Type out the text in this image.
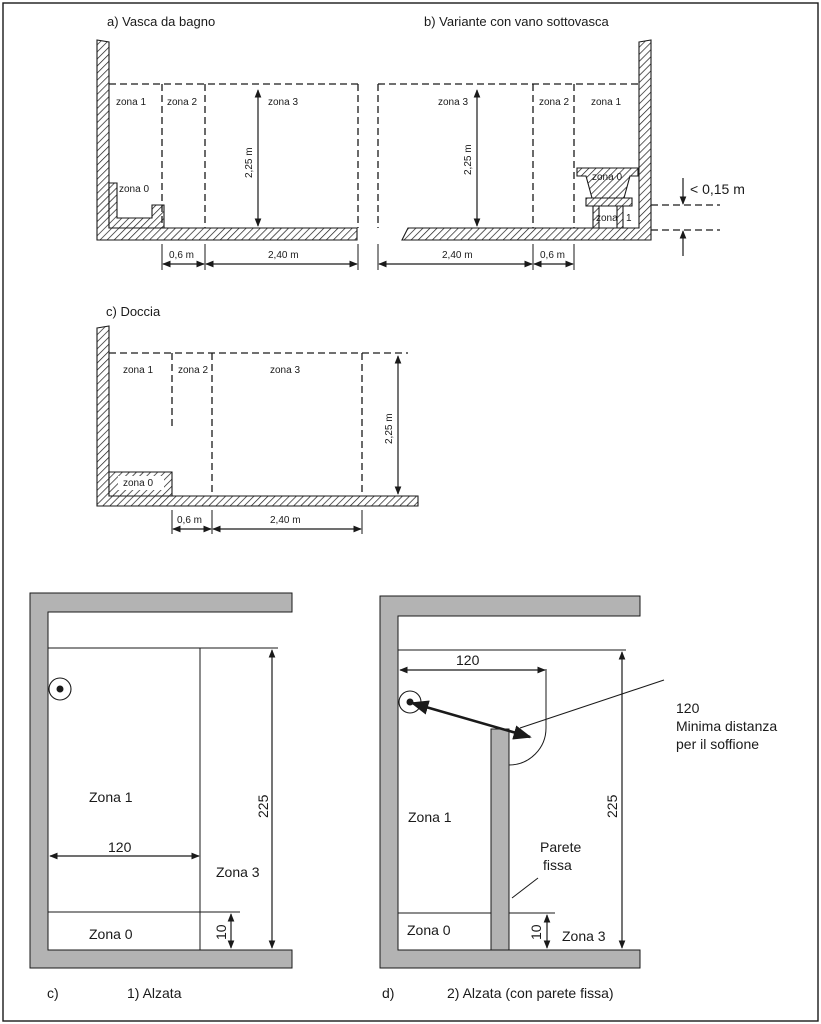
a) Vasca da bagno
zona 1 zona 2	zona 3
zona 0
2,25 m
0,6 m	2,40 m
b) Variante con vano sottovasca
zona 3	zona 2 zona 1
zona 0
zona 1
2,25 m
< 0,15 m
2,40 m	0,6 m
c) Doccia
zona 1 zona 2	zona 3
zona 0
2,25 m
0,6 m	2,40 m
120
225
10
Zona 1
Zona 3
Zona 0
c)	1) Alzata
120
120
Minima distanza
per il soffione
225
10
Parete
fissa
Zona 1
Zona 0	Zona 3
d)	2) Alzata (con parete fissa)
